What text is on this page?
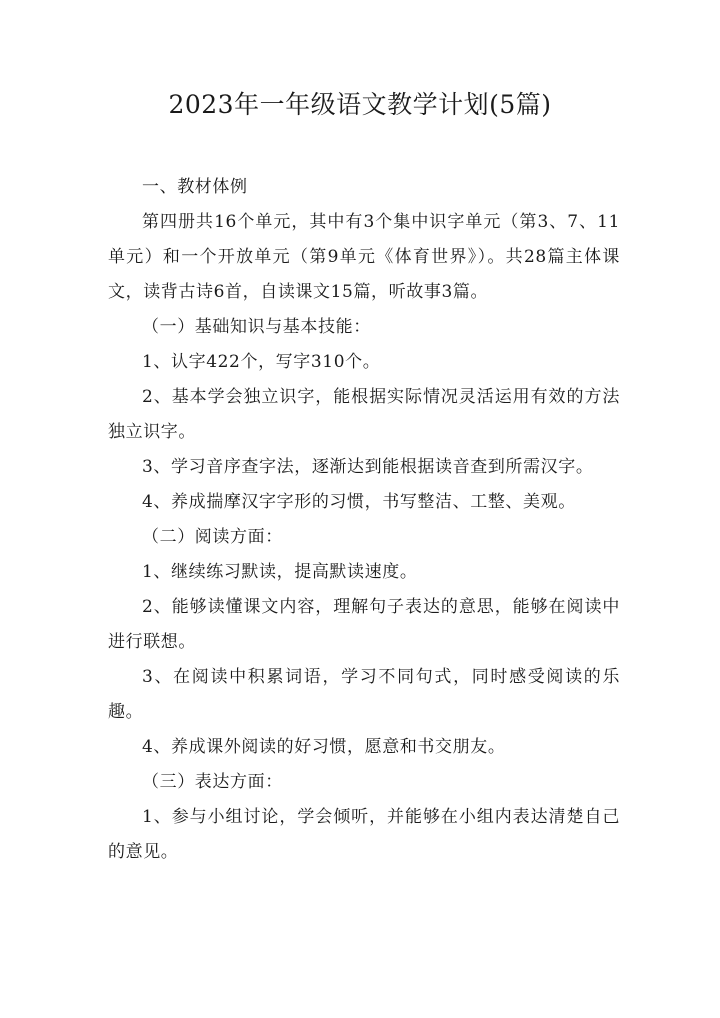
2023年一年级语文教学计划(5篇)

一、教材体例

第四册共16个单元，其中有3个集中识字单元（第3、7、11单元）和一个开放单元（第9单元《体育世界》）。共28篇主体课文，读背古诗6首，自读课文15篇，听故事3篇。

（一）基础知识与基本技能：

1、认字422个，写字310个。

2、基本学会独立识字，能根据实际情况灵活运用有效的方法独立识字。

3、学习音序查字法，逐渐达到能根据读音查到所需汉字。

4、养成揣摩汉字字形的习惯，书写整洁、工整、美观。

（二）阅读方面：

1、继续练习默读，提高默读速度。

2、能够读懂课文内容，理解句子表达的意思，能够在阅读中进行联想。

3、在阅读中积累词语，学习不同句式，同时感受阅读的乐趣。

4、养成课外阅读的好习惯，愿意和书交朋友。

（三）表达方面：

1、参与小组讨论，学会倾听，并能够在小组内表达清楚自己的意见。
